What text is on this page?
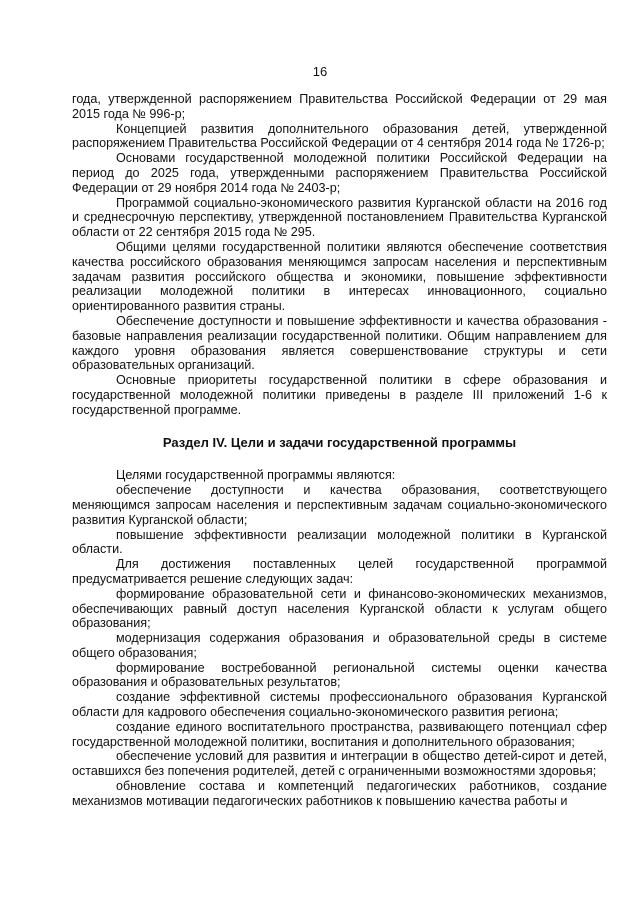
16

года, утвержденной распоряжением Правительства Российской Федерации от 29 мая 2015 года № 996-р;

Концепцией развития дополнительного образования детей, утвержденной распоряжением Правительства Российской Федерации от 4 сентября 2014 года № 1726-р;

Основами государственной молодежной политики Российской Федерации на период до 2025 года, утвержденными распоряжением Правительства Российской Федерации от 29 ноября 2014 года № 2403-р;

Программой социально-экономического развития Курганской области на 2016 год и среднесрочную перспективу, утвержденной постановлением Правительства Курганской области от 22 сентября 2015 года № 295.

Общими целями государственной политики являются обеспечение соответствия качества российского образования меняющимся запросам населения и перспективным задачам развития российского общества и экономики, повышение эффективности реализации молодежной политики в интересах инновационного, социально ориентированного развития страны.

Обеспечение доступности и повышение эффективности и качества образования - базовые направления реализации государственной политики. Общим направлением для каждого уровня образования является совершенствование структуры и сети образовательных организаций.

Основные приоритеты государственной политики в сфере образования и государственной молодежной политики приведены в разделе III приложений 1-6 к государственной программе.

Раздел IV. Цели и задачи государственной программы

Целями государственной программы являются:

обеспечение доступности и качества образования, соответствующего меняющимся запросам населения и перспективным задачам социально-экономического развития Курганской области;

повышение эффективности реализации молодежной политики в Курганской области.

Для достижения поставленных целей государственной программой предусматривается решение следующих задач:

формирование образовательной сети и финансово-экономических механизмов, обеспечивающих равный доступ населения Курганской области к услугам общего образования;

модернизация содержания образования и образовательной среды в системе общего образования;

формирование востребованной региональной системы оценки качества образования и образовательных результатов;

создание эффективной системы профессионального образования Курганской области для кадрового обеспечения социально-экономического развития региона;

создание единого воспитательного пространства, развивающего потенциал сфер государственной молодежной политики, воспитания и дополнительного образования;

обеспечение условий для развития и интеграции в общество детей-сирот и детей, оставшихся без попечения родителей, детей с ограниченными возможностями здоровья;

обновление состава и компетенций педагогических работников, создание механизмов мотивации педагогических работников к повышению качества работы и
